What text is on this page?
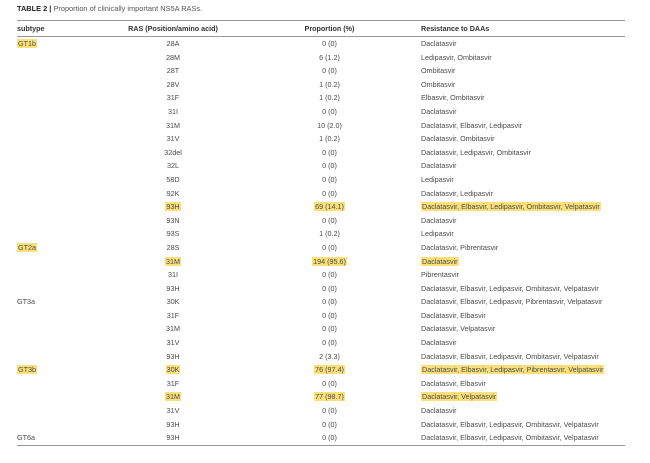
TABLE 2 | Proportion of clinically important NS5A RASs.
subtype	RAS (Position/amino acid)	Proportion (%)	Resistance to DAAs
GT1b	28A	0 (0)	Daclatasvir
	28M	6 (1.2)	Ledipasvir, Ombitasvir
	28T	0 (0)	Ombitasvir
	28V	1 (0.2)	Ombitasvir
	31F	1 (0.2)	Elbasvir, Ombitasvir
	31I	0 (0)	Daclatasvir
	31M	10 (2.0)	Daclatasvir, Elbasvir, Ledipasvir
	31V	1 (0.2)	Daclatasvir, Ombitasvir
	32del	0 (0)	Daclatasvir, Ledipasvir, Ombitasvir
	32L	0 (0)	Daclatasvir
	58D	0 (0)	Ledipasvir
	92K	0 (0)	Daclatasvir, Ledipasvir
	93H	69 (14.1)	Daclatasvir, Elbasvir, Ledipasvir, Ombitasvir, Velpatasvir
	93N	0 (0)	Daclatasvir
	93S	1 (0.2)	Ledipasvir
GT2a	28S	0 (0)	Daclatasvir, Pibrentasvir
	31M	194 (95.6)	Daclatasvir
	31I	0 (0)	Pibrentasvir
	93H	0 (0)	Daclatasvir, Elbasvir, Ledipasvir, Ombitasvir, Velpatasvir
GT3a	30K	0 (0)	Daclatasvir, Elbasvir, Ledipasvir, Pibrentasvir, Velpatasvir
	31F	0 (0)	Daclatasvir, Elbasvir
	31M	0 (0)	Daclatasvir, Velpatasvir
	31V	0 (0)	Daclatasvir
	93H	2 (3.3)	Daclatasvir, Elbasvir, Ledipasvir, Ombitasvir, Velpatasvir
GT3b	30K	76 (97.4)	Daclatasvir, Elbasvir, Ledipasvir, Pibrentasvir, Velpatasvir
	31F	0 (0)	Daclatasvir, Elbasvir
	31M	77 (98.7)	Daclatasvir, Velpatasvir
	31V	0 (0)	Daclatasvir
	93H	0 (0)	Daclatasvir, Elbasvir, Ledipasvir, Ombitasvir, Velpatasvir
GT6a	93H	0 (0)	Daclatasvir, Elbasvir, Ledipasvir, Ombitasvir, Velpatasvir
